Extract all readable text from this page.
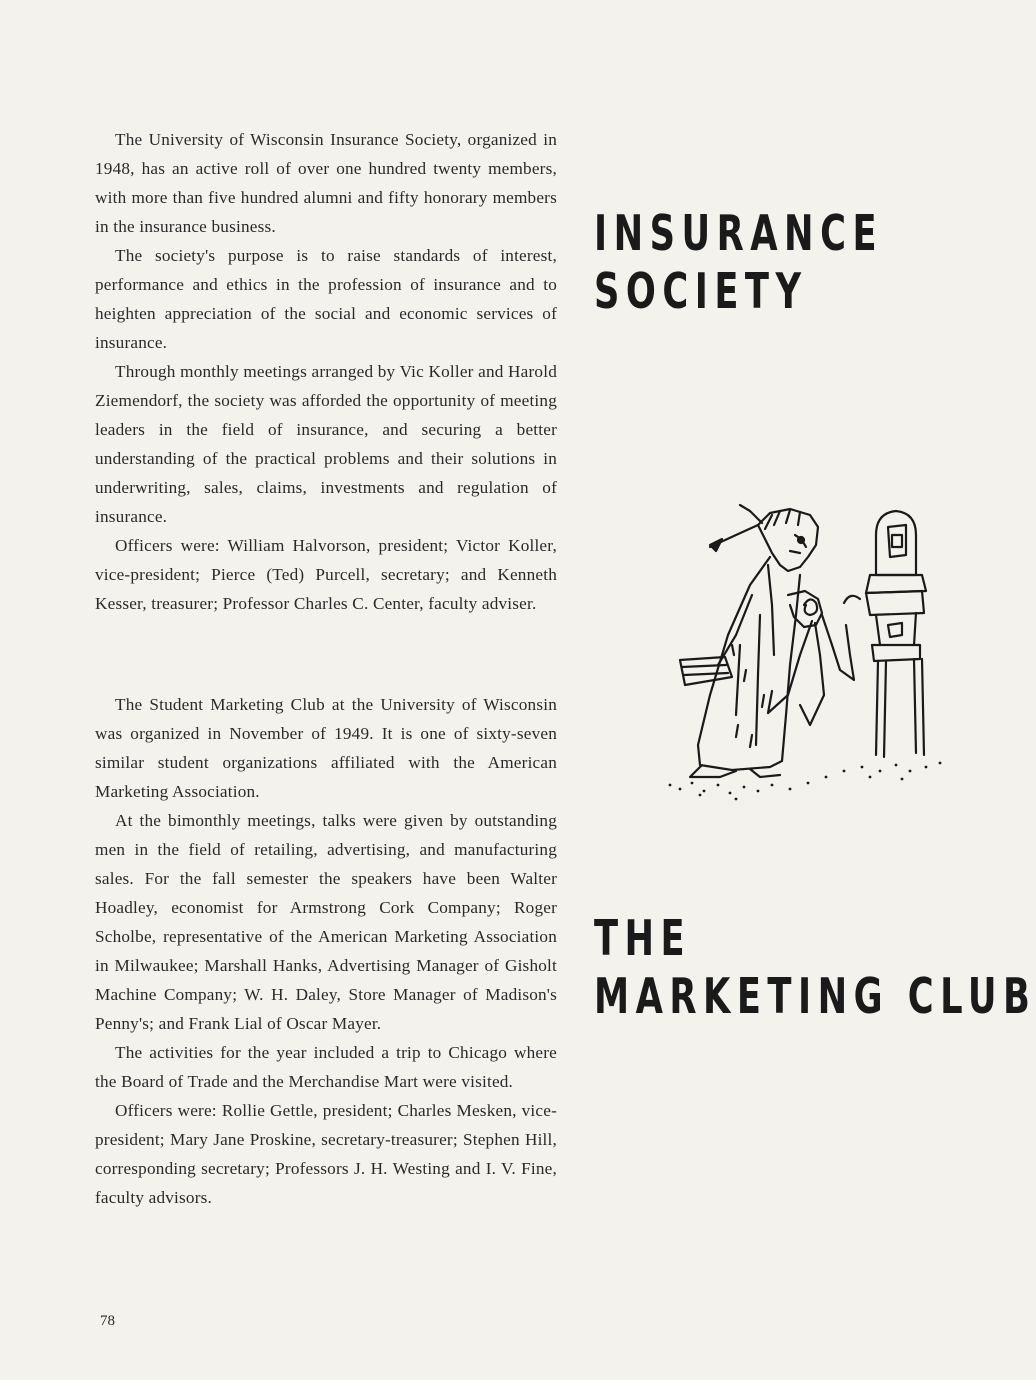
The University of Wisconsin Insurance Society, organized in 1948, has an active roll of over one hundred twenty members, with more than five hundred alumni and fifty honorary members in the insurance business.

The society's purpose is to raise standards of interest, performance and ethics in the profession of insurance and to heighten appreciation of the social and economic services of insurance.

Through monthly meetings arranged by Vic Koller and Harold Ziemendorf, the society was afforded the opportunity of meeting leaders in the field of insurance, and securing a better understanding of the practical problems and their solutions in underwriting, sales, claims, investments and regulation of insurance.

Officers were: William Halvorson, president; Victor Koller, vice-president; Pierce (Ted) Purcell, secretary; and Kenneth Kesser, treasurer; Professor Charles C. Center, faculty adviser.

INSURANCE
SOCIETY

The Student Marketing Club at the University of Wisconsin was organized in November of 1949. It is one of sixty-seven similar student organizations affiliated with the American Marketing Association.

At the bimonthly meetings, talks were given by outstanding men in the field of retailing, advertising, and manufacturing sales. For the fall semester the speakers have been Walter Hoadley, economist for Armstrong Cork Company; Roger Scholbe, representative of the American Marketing Association in Milwaukee; Marshall Hanks, Advertising Manager of Gisholt Machine Company; W. H. Daley, Store Manager of Madison's Penny's; and Frank Lial of Oscar Mayer.

The activities for the year included a trip to Chicago where the Board of Trade and the Merchandise Mart were visited.

Officers were: Rollie Gettle, president; Charles Mesken, vice-president; Mary Jane Proskine, secretary-treasurer; Stephen Hill, corresponding secretary; Professors J. H. Westing and I. V. Fine, faculty advisors.

THE
MARKETING CLUB
78
